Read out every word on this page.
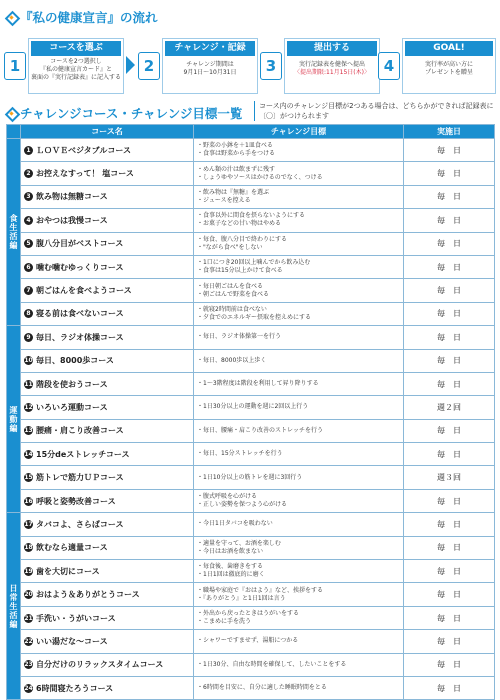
『私の健康宣言』の流れ
1
コースを選ぶ
コースを2つ選択し
『私の健康宣言カード』と
裏面の『実行記録表』に記入する
2
チャレンジ・記録
チャレンジ期間は
9月1日〜10月31日	3
提出する
実行記録表を健保へ提出
〈提出期限:11月15日(木)〉 4
GOAL!
実行率が高い方に
プレゼントを贈呈
チャレンジコース・チャレンジ目標一覧	コース内のチャレンジ目標が2つある場合は、どちらかができれば記録表に〔〇〕がつけられます
	コース名	チャレンジ目標	実施日
食生活編	1 ＬＯＶＥベジタブルコース	・野菜の小鉢を＋1皿食べる
・食事は野菜から手をつける	毎　日
	2 お控えなすって！ 塩コース	・めん類の汁は飲まずに残す
・しょうゆやソースはかけるのでなく、つける	毎　日
	3 飲み物は無糖コース	・飲み物は『無糖』を選ぶ
・ジュースを控える	毎　日
	4 おやつは我慢コース	・食事以外に間食を摂らないようにする
・お菓子などの甘い物はやめる	毎　日
	5 腹八分目がベストコース	・毎食、腹八分目で終わりにする
・"ながら食べ"をしない	毎　日
	6 噛む噛むゆっくりコース	・1口につき20回以上噛んでから飲み込む
・食事は15分以上かけて食べる	毎　日
	7 朝ごはんを食べようコース	・毎日朝ごはんを食べる
・朝ごはんで野菜を食べる	毎　日
	8 寝る前は食べないコース	・就寝2時間前は食べない
・夕食でのエネルギー摂取を控えめにする	毎　日
運動編	9 毎日、ラジオ体操コース	・毎日、ラジオ体操第一を行う	毎　日
	10 毎日、8000歩コース	・毎日、8000歩以上歩く	毎　日
	11 階段を使おうコース	・1〜3階程度は階段を利用して昇り降りする	毎　日
	12 いろいろ運動コース	・1日30分以上の運動を週に2回以上行う	週２回
	13 腰痛・肩こり改善コース	・毎日、腰痛・肩こり改善のストレッチを行う	毎　日
	14 15分deストレッチコース	・毎日、15分ストレッチを行う	毎　日
	15 筋トレで筋力ＵＰコース	・1日10分以上の筋トレを週に3回行う	週３回
	16 呼吸と姿勢改善コース	・腹式呼吸を心がける
・正しい姿勢を保つよう心がける	毎　日
日常生活編	17 タバコよ、さらばコース	・今日1日タバコを吸わない	毎　日
	18 飲むなら適量コース	・適量を守って、お酒を楽しむ
・今日はお酒を飲まない	毎　日
	19 歯を大切にコース	・毎食後、歯磨きをする
・1日1回は徹底的に磨く	毎　日
	20 おはよう＆ありがとうコース	・職場や家庭で『おはよう』など、挨拶をする
・『ありがとう』と1日1回は言う	毎　日
	21 手洗い・うがいコース	・外出から戻ったときはうがいをする
・こまめに手を洗う	毎　日
	22 いい湯だな〜コース	・シャワーですませず、湯船につかる	毎　日
	23 自分だけのリラックスタイムコース	・1日30分、自由な時間を確保して、したいことをする	毎　日
	24 6時間寝たろうコース	・6時間を目安に、自分に適した睡眠時間をとる	毎　日
